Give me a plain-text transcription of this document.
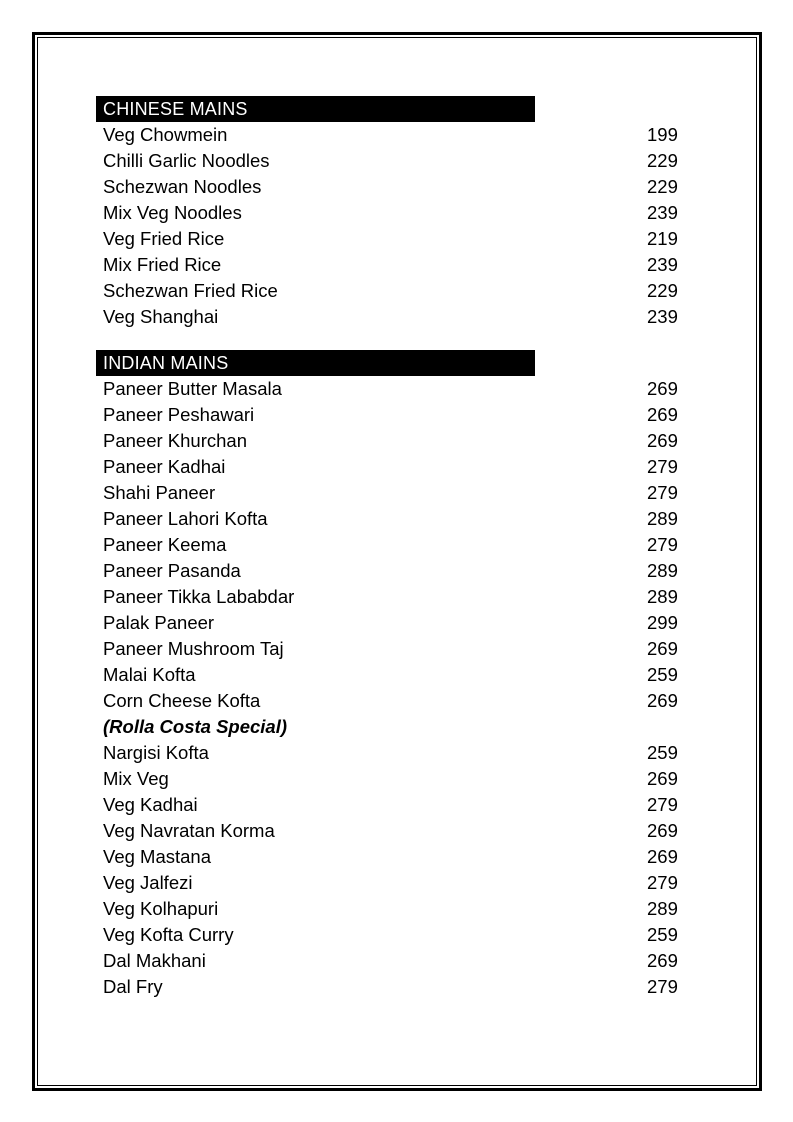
CHINESE MAINS
Veg Chowmein	199
Chilli Garlic Noodles	229
Schezwan Noodles	229
Mix Veg Noodles	239
Veg Fried Rice	219
Mix Fried Rice	239
Schezwan Fried Rice	229
Veg Shanghai	239
INDIAN MAINS
Paneer Butter Masala	269
Paneer Peshawari	269
Paneer Khurchan	269
Paneer Kadhai	279
Shahi Paneer	279
Paneer Lahori Kofta	289
Paneer Keema	279
Paneer Pasanda	289
Paneer Tikka Lababdar	289
Palak Paneer	299
Paneer Mushroom Taj	269
Malai Kofta	259
Corn Cheese Kofta	269
(Rolla Costa Special)
Nargisi Kofta	259
Mix Veg	269
Veg Kadhai	279
Veg Navratan Korma	269
Veg Mastana	269
Veg Jalfezi	279
Veg Kolhapuri	289
Veg Kofta Curry	259
Dal Makhani	269
Dal Fry	279
